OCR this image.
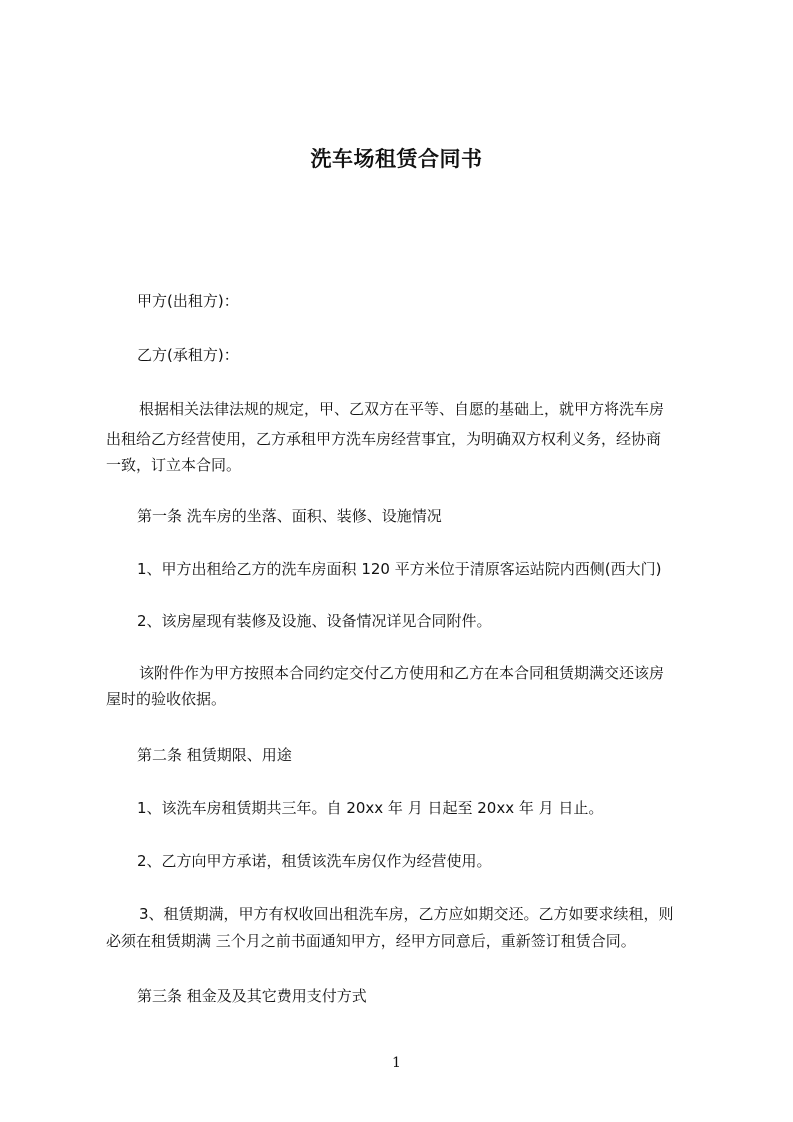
洗车场租赁合同书
甲方(出租方)：
乙方(承租方)：
根据相关法律法规的规定，甲、乙双方在平等、自愿的基础上，就甲方将洗车房
出租给乙方经营使用，乙方承租甲方洗车房经营事宜，为明确双方权利义务，经协商
一致，订立本合同。
第一条 洗车房的坐落、面积、装修、设施情况
1、甲方出租给乙方的洗车房面积 120 平方米位于清原客运站院内西侧(西大门)
2、该房屋现有装修及设施、设备情况详见合同附件。
该附件作为甲方按照本合同约定交付乙方使用和乙方在本合同租赁期满交还该房
屋时的验收依据。
第二条 租赁期限、用途
1、该洗车房租赁期共三年。自 20xx 年 月 日起至 20xx 年 月 日止。
2、乙方向甲方承诺，租赁该洗车房仅作为经营使用。
3、租赁期满，甲方有权收回出租洗车房，乙方应如期交还。乙方如要求续租，则
必须在租赁期满 三个月之前书面通知甲方，经甲方同意后，重新签订租赁合同。
第三条 租金及及其它费用支付方式
1
